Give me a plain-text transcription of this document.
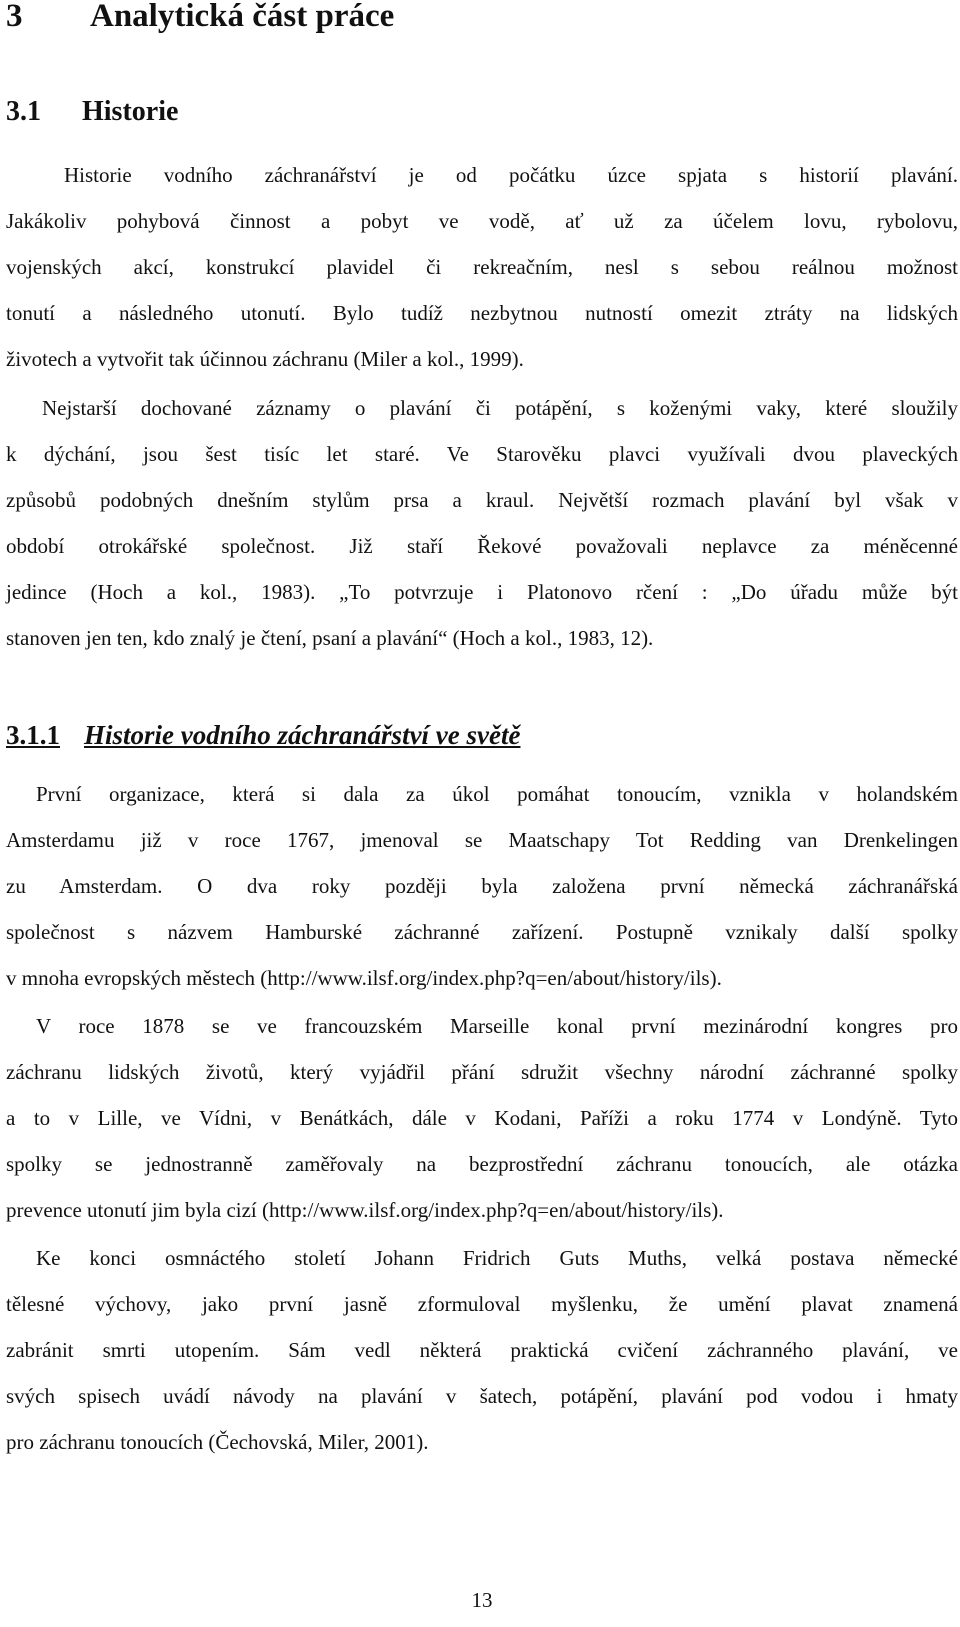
3 Analytická část práce
3.1 Historie
Historie vodního záchranářství je od počátku úzce spjata s historií plavání.
Jakákoliv pohybová činnost a pobyt ve vodě, ať už za účelem lovu, rybolovu,
vojenských akcí, konstrukcí plavidel či rekreačním, nesl s sebou reálnou možnost
tonutí a následného utonutí. Bylo tudíž nezbytnou nutností omezit ztráty na lidských
životech a vytvořit tak účinnou záchranu (Miler a kol., 1999).
Nejstarší dochované záznamy o plavání či potápění, s koženými vaky, které sloužily
k dýchání, jsou šest tisíc let staré. Ve Starověku plavci využívali dvou plaveckých
způsobů podobných dnešním stylům prsa a kraul. Největší rozmach plavání byl však v
období otrokářské společnost. Již staří Řekové považovali neplavce za méněcenné
jedince (Hoch a kol., 1983). „To potvrzuje i Platonovo rčení : „Do úřadu může být
stanoven jen ten, kdo znalý je čtení, psaní a plavání“ (Hoch a kol., 1983, 12).
3.1.1 Historie vodního záchranářství ve světě
První organizace, která si dala za úkol pomáhat tonoucím, vznikla v holandském
Amsterdamu již v roce 1767, jmenoval se Maatschapy Tot Redding van Drenkelingen
zu Amsterdam. O dva roky později byla založena první německá záchranářská
společnost s názvem Hamburské záchranné zařízení. Postupně vznikaly další spolky
v mnoha evropských městech (http://www.ilsf.org/index.php?q=en/about/history/ils).
V roce 1878 se ve francouzském Marseille konal první mezinárodní kongres pro
záchranu lidských životů, který vyjádřil přání sdružit všechny národní záchranné spolky
a to v Lille, ve Vídni, v Benátkách, dále v Kodani, Paříži a roku 1774 v Londýně. Tyto
spolky se jednostranně zaměřovaly na bezprostřední záchranu tonoucích, ale otázka
prevence utonutí jim byla cizí (http://www.ilsf.org/index.php?q=en/about/history/ils).
Ke konci osmnáctého století Johann Fridrich Guts Muths, velká postava německé
tělesné výchovy, jako první jasně zformuloval myšlenku, že umění plavat znamená
zabránit smrti utopením. Sám vedl některá praktická cvičení záchranného plavání, ve
svých spisech uvádí návody na plavání v šatech, potápění, plavání pod vodou i hmaty
pro záchranu tonoucích (Čechovská, Miler, 2001).
13
